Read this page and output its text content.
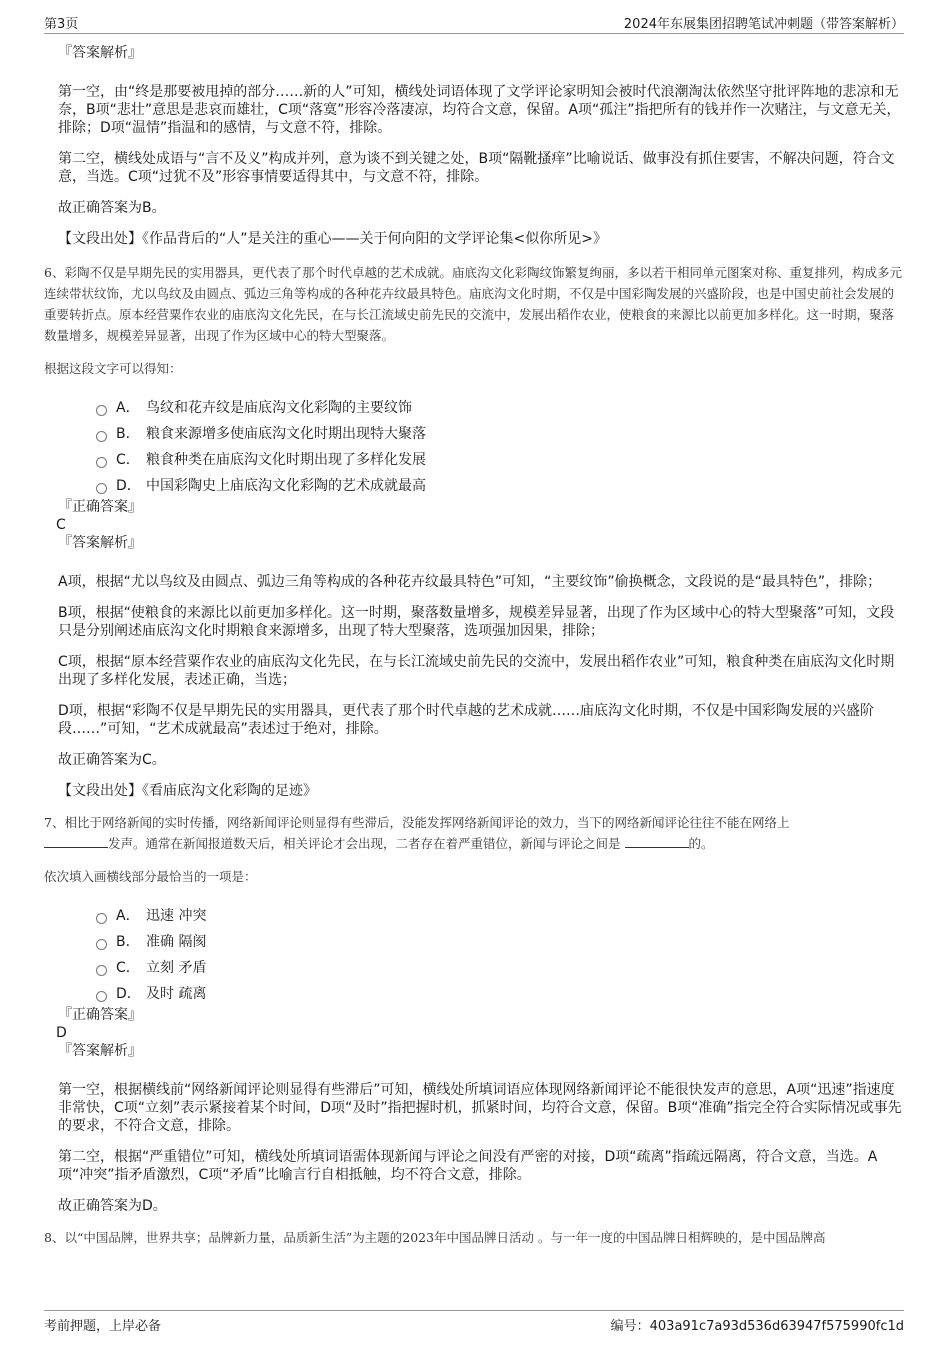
第3页	2024年东展集团招聘笔试冲刺题（带答案解析）

『答案解析』

第一空，由“终是那要被甩掉的部分……新的人”可知，横线处词语体现了文学评论家明知会被时代浪潮淘汰依然坚守批评阵地的悲凉和无奈，B项“悲壮”意思是悲哀而雄壮，C项“落寞”形容冷落凄凉，均符合文意，保留。A项“孤注”指把所有的钱并作一次赌注，与文意无关，排除；D项“温情”指温和的感情，与文意不符，排除。

第二空，横线处成语与“言不及义”构成并列，意为谈不到关键之处，B项“隔靴搔痒”比喻说话、做事没有抓住要害，不解决问题，符合文意，当选。C项“过犹不及”形容事情要适得其中，与文意不符，排除。

故正确答案为B。

【文段出处】《作品背后的“人”是关注的重心——关于何向阳的文学评论集<似你所见>》

6、彩陶不仅是早期先民的实用器具，更代表了那个时代卓越的艺术成就。庙底沟文化彩陶纹饰繁复绚丽，多以若干相同单元图案对称、重复排列，构成多元连续带状纹饰，尤以鸟纹及由圆点、弧边三角等构成的各种花卉纹最具特色。庙底沟文化时期，不仅是中国彩陶发展的兴盛阶段，也是中国史前社会发展的重要转折点。原本经营粟作农业的庙底沟文化先民，在与长江流域史前先民的交流中，发展出稻作农业，使粮食的来源比以前更加多样化。这一时期，聚落数量增多，规模差异显著，出现了作为区域中心的特大型聚落。

根据这段文字可以得知：

A． 鸟纹和花卉纹是庙底沟文化彩陶的主要纹饰
B． 粮食来源增多使庙底沟文化时期出现特大聚落
C． 粮食种类在庙底沟文化时期出现了多样化发展
D． 中国彩陶史上庙底沟文化彩陶的艺术成就最高

『正确答案』

C

『答案解析』

A项，根据“尤以鸟纹及由圆点、弧边三角等构成的各种花卉纹最具特色”可知，“主要纹饰”偷换概念，文段说的是“最具特色”，排除；

B项，根据“使粮食的来源比以前更加多样化。这一时期，聚落数量增多，规模差异显著，出现了作为区域中心的特大型聚落”可知，文段只是分别阐述庙底沟文化时期粮食来源增多，出现了特大型聚落，选项强加因果，排除；

C项，根据“原本经营粟作农业的庙底沟文化先民，在与长江流域史前先民的交流中，发展出稻作农业”可知，粮食种类在庙底沟文化时期出现了多样化发展，表述正确，当选；

D项，根据“彩陶不仅是早期先民的实用器具，更代表了那个时代卓越的艺术成就……庙底沟文化时期，不仅是中国彩陶发展的兴盛阶段……”可知，“艺术成就最高”表述过于绝对，排除。

故正确答案为C。

【文段出处】《看庙底沟文化彩陶的足迹》

7、相比于网络新闻的实时传播，网络新闻评论则显得有些滞后，没能发挥网络新闻评论的效力，当下的网络新闻评论往往不能在网络上
发声。通常在新闻报道数天后，相关评论才会出现，二者存在着严重错位，新闻与评论之间是	的。

依次填入画横线部分最恰当的一项是：

A． 迅速 冲突
B． 准确 隔阂
C． 立刻 矛盾
D． 及时 疏离

『正确答案』

D

『答案解析』

第一空，根据横线前“网络新闻评论则显得有些滞后”可知，横线处所填词语应体现网络新闻评论不能很快发声的意思，A项“迅速”指速度非常快，C项“立刻”表示紧接着某个时间，D项“及时”指把握时机，抓紧时间，均符合文意，保留。B项“准确”指完全符合实际情况或事先的要求，不符合文意，排除。

第二空，根据“严重错位”可知，横线处所填词语需体现新闻与评论之间没有严密的对接，D项“疏离”指疏远隔离，符合文意，当选。A项“冲突”指矛盾激烈，C项“矛盾”比喻言行自相抵触，均不符合文意，排除。

故正确答案为D。

8、以“中国品牌，世界共享；品牌新力量，品质新生活”为主题的2023年中国品牌日活动 。与一年一度的中国品牌日相辉映的，是中国品牌高

考前押题，上岸必备	编号：403a91c7a93d536d63947f575990fc1d
